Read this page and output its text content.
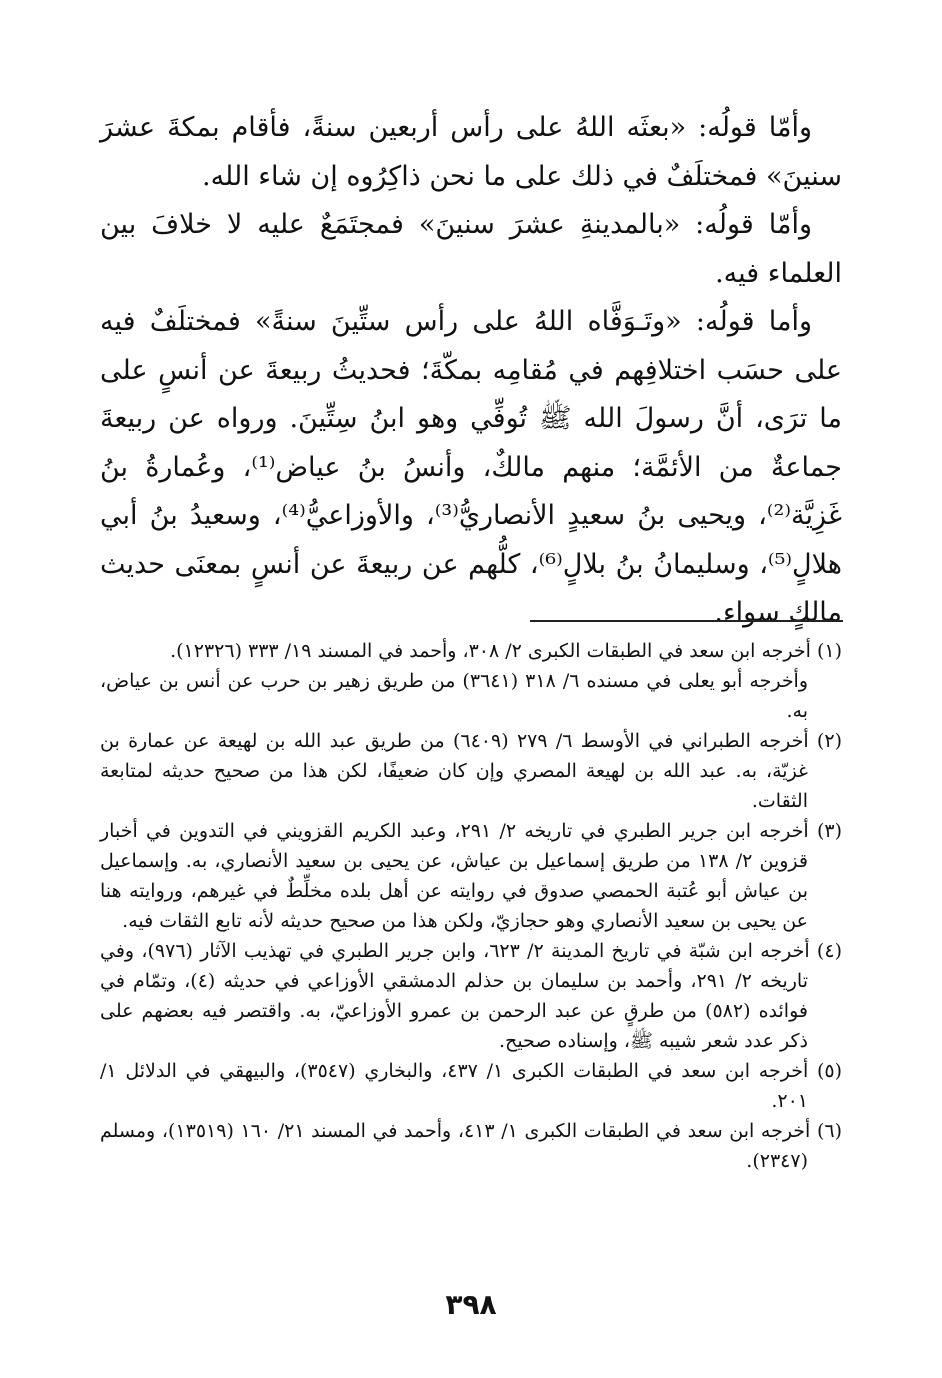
وأمّا قولُه: «بعثَه اللهُ على رأس أربعين سنةً، فأقام بمكةَ عشرَ سنينَ» فمختلَفٌ في ذلك على ما نحن ذاكِرُوه إن شاء الله.

وأمّا قولُه: «بالمدينةِ عشرَ سنينَ» فمجتَمَعٌ عليه لا خلافَ بين العلماء فيه.

وأما قولُه: «وتَـوَفَّاه اللهُ على رأس ستِّينَ سنةً» فمختلَفٌ فيه على حسَب اختلافِهم في مُقامِه بمكّةَ؛ فحديثُ ربيعةَ عن أنسٍ على ما ترَى، أنَّ رسولَ الله ﷺ تُوفِّي وهو ابنُ سِتِّينَ. ورواه عن ربيعةَ جماعةٌ من الأئمَّة؛ منهم مالكٌ، وأنسُ بنُ عياض⁽¹⁾، وعُمارةُ بنُ غَزِيَّة⁽²⁾، ويحيى بنُ سعيدٍ الأنصاريُّ⁽³⁾، والأوزاعيُّ⁽⁴⁾، وسعيدُ بنُ أبي هلالٍ⁽⁵⁾، وسليمانُ بنُ بلالٍ⁽⁶⁾، كلُّهم عن ربيعةَ عن أنسٍ بمعنَى حديث مالكٍ سواء.

(١) أخرجه ابن سعد في الطبقات الكبرى ٢/ ٣٠٨، وأحمد في المسند ١٩/ ٣٣٣ (١٢٣٢٦).

وأخرجه أبو يعلى في مسنده ٦/ ٣١٨ (٣٦٤١) من طريق زهير بن حرب عن أنس بن عياض، به.

(٢) أخرجه الطبراني في الأوسط ٦/ ٢٧٩ (٦٤٠٩) من طريق عبد الله بن لهيعة عن عمارة بن غزيّة، به. عبد الله بن لهيعة المصري وإن كان ضعيفًا، لكن هذا من صحيح حديثه لمتابعة الثقات.

(٣) أخرجه ابن جرير الطبري في تاريخه ٢/ ٢٩١، وعبد الكريم القزويني في التدوين في أخبار قزوين ٢/ ١٣٨ من طريق إسماعيل بن عياش، عن يحيى بن سعيد الأنصاري، به. وإسماعيل بن عياش أبو عُتبة الحمصي صدوق في روايته عن أهل بلده مخلِّطٌ في غيرهم، وروايته هنا عن يحيى بن سعيد الأنصاري وهو حجازيّ، ولكن هذا من صحيح حديثه لأنه تابع الثقات فيه.

(٤) أخرجه ابن شبّة في تاريخ المدينة ٢/ ٦٢٣، وابن جرير الطبري في تهذيب الآثار (٩٧٦)، وفي تاريخه ٢/ ٢٩١، وأحمد بن سليمان بن حذلم الدمشقي الأوزاعي في حديثه (٤)، وتمّام في فوائده (٥٨٢) من طرقٍ عن عبد الرحمن بن عمرو الأوزاعيّ، به. واقتصر فيه بعضهم على ذكر عدد شعر شيبه ﷺ، وإسناده صحيح.

(٥) أخرجه ابن سعد في الطبقات الكبرى ١/ ٤٣٧، والبخاري (٣٥٤٧)، والبيهقي في الدلائل ١/ ٢٠١.

(٦) أخرجه ابن سعد في الطبقات الكبرى ١/ ٤١٣، وأحمد في المسند ٢١/ ١٦٠ (١٣٥١٩)، ومسلم (٢٣٤٧).

٣٩٨
